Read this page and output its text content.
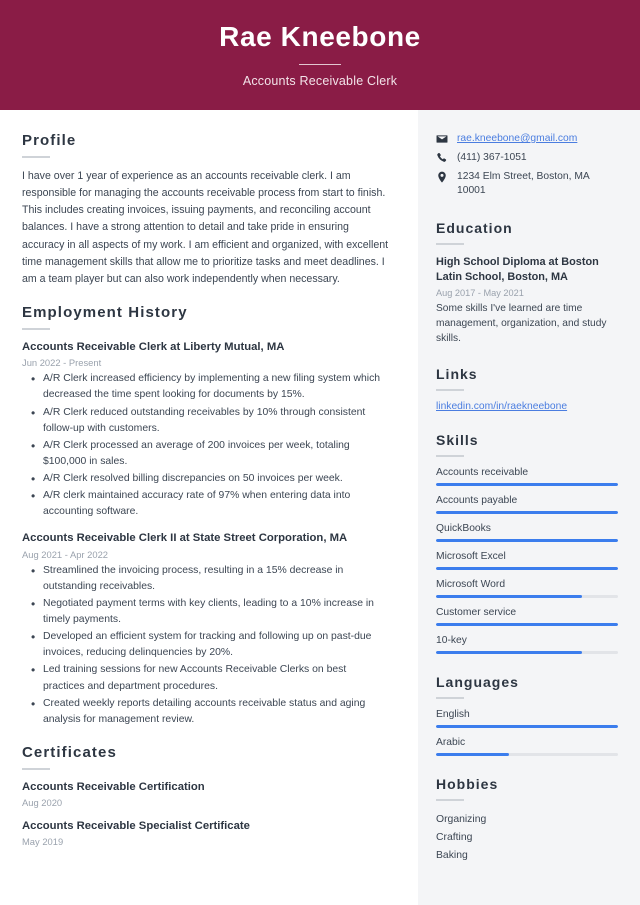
Rae Kneebone
Accounts Receivable Clerk
Profile
I have over 1 year of experience as an accounts receivable clerk. I am responsible for managing the accounts receivable process from start to finish. This includes creating invoices, issuing payments, and reconciling account balances. I have a strong attention to detail and take pride in ensuring accuracy in all aspects of my work. I am efficient and organized, with excellent time management skills that allow me to prioritize tasks and meet deadlines. I am a team player but can also work independently when necessary.
Employment History
Accounts Receivable Clerk at Liberty Mutual, MA
Jun 2022 - Present
• A/R Clerk increased efficiency by implementing a new filing system which decreased the time spent looking for documents by 15%.
• A/R Clerk reduced outstanding receivables by 10% through consistent follow-up with customers.
• A/R Clerk processed an average of 200 invoices per week, totaling $100,000 in sales.
• A/R Clerk resolved billing discrepancies on 50 invoices per week.
• A/R clerk maintained accuracy rate of 97% when entering data into accounting software.
Accounts Receivable Clerk II at State Street Corporation, MA
Aug 2021 - Apr 2022
• Streamlined the invoicing process, resulting in a 15% decrease in outstanding receivables.
• Negotiated payment terms with key clients, leading to a 10% increase in timely payments.
• Developed an efficient system for tracking and following up on past-due invoices, reducing delinquencies by 20%.
• Led training sessions for new Accounts Receivable Clerks on best practices and department procedures.
• Created weekly reports detailing accounts receivable status and aging analysis for management review.
Certificates
Accounts Receivable Certification
Aug 2020
Accounts Receivable Specialist Certificate
May 2019
rae.kneebone@gmail.com
(411) 367-1051
1234 Elm Street, Boston, MA 10001
Education
High School Diploma at Boston Latin School, Boston, MA
Aug 2017 - May 2021
Some skills I've learned are time management, organization, and study skills.
Links
linkedin.com/in/raekneebone
Skills
Accounts receivable
Accounts payable
QuickBooks
Microsoft Excel
Microsoft Word
Customer service
10-key
Languages
English
Arabic
Hobbies
Organizing
Crafting
Baking
